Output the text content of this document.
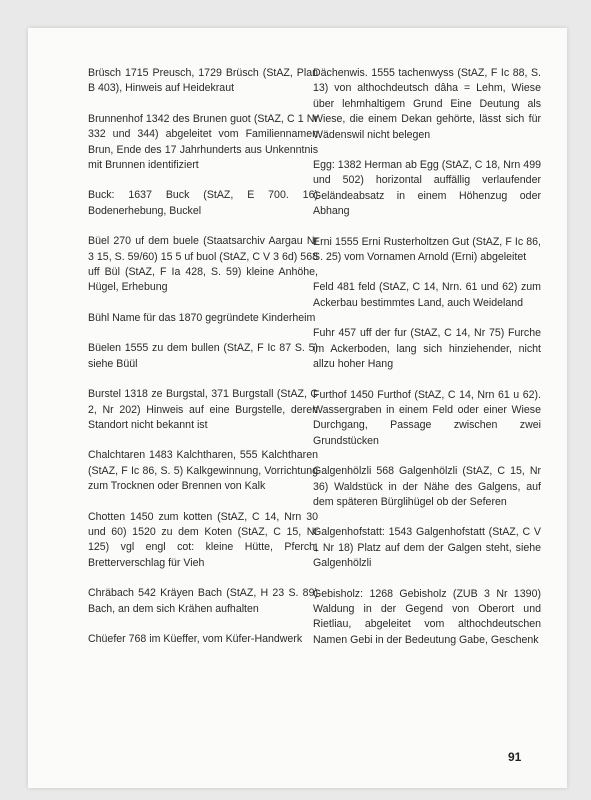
Brüsch 1715 Preusch, 1729 Brüsch (StAZ, Plan B 403), Hinweis auf Heidekraut

Brunnenhof 1342 des Brunen guot (StAZ, C 1 Nr 332 und 344) abgeleitet vom Familiennamen Brun, Ende des 17 Jahrhunderts aus Unkenntnis mit Brunnen identifiziert

Buck: 1637 Buck (StAZ, E 700. 16) Bodenerhebung, Buckel

Büel 270 uf dem buele (Staatsarchiv Aargau Nr 3 15, S. 59/60) 15 5 uf buol (StAZ, C V 3 6d) 568 uff Bül (StAZ, F Ia 428, S. 59) kleine Anhöhe, Hügel, Erhebung

Bühl Name für das 1870 gegründete Kinderheim

Büelen 1555 zu dem bullen (StAZ, F Ic 87 S. 5) siehe Büül

Burstel 1318 ze Burgstal, 371 Burgstall (StAZ, C 2, Nr 202) Hinweis auf eine Burgstelle, deren Standort nicht bekannt ist

Chalchtaren 1483 Kalchtharen, 555 Kalchtharen (StAZ, F Ic 86, S. 5) Kalkgewinnung, Vorrichtung zum Trocknen oder Brennen von Kalk

Chotten 1450 zum kotten (StAZ, C 14, Nrn 30 und 60) 1520 zu dem Koten (StAZ, C 15, Nr 125) vgl engl cot: kleine Hütte, Pferch, Bretterverschlag für Vieh

Chräbach 542 Kräyen Bach (StAZ, H 23 S. 89) Bach, an dem sich Krähen aufhalten

Chüefer 768 im Küeffer, vom Küfer-Handwerk

Dächenwis. 1555 tachenwyss (StAZ, F Ic 88, S. 13) von althochdeutsch dâha = Lehm, Wiese über lehmhaltigem Grund Eine Deutung als Wiese, die einem Dekan gehörte, lässt sich für Wädenswil nicht belegen

Egg: 1382 Herman ab Egg (StAZ, C 18, Nrn 499 und 502) horizontal auffällig verlaufender Geländeabsatz in einem Höhenzug oder Abhang

Erni 1555 Erni Rusterholtzen Gut (StAZ, F Ic 86, S. 25) vom Vornamen Arnold (Erni) abgeleitet

Feld 481 feld (StAZ, C 14, Nrn. 61 und 62) zum Ackerbau bestimmtes Land, auch Weideland

Fuhr 457 uff der fur (StAZ, C 14, Nr 75) Furche im Ackerboden, lang sich hinziehender, nicht allzu hoher Hang

Furthof 1450 Furthof (StAZ, C 14, Nrn 61 u 62). Wassergraben in einem Feld oder einer Wiese Durchgang, Passage zwischen zwei Grundstücken

Galgenhölzli 568 Galgenhölzli (StAZ, C 15, Nr 36) Waldstück in der Nähe des Galgens, auf dem späteren Bürglihügel ob der Seferen

Galgenhofstatt: 1543 Galgenhofstatt (StAZ, C V 1 Nr 18) Platz auf dem der Galgen steht, siehe Galgenhölzli

Gebisholz: 1268 Gebisholz (ZUB 3 Nr 1390) Waldung in der Gegend von Oberort und Rietliau, abgeleitet vom althochdeutschen Namen Gebi in der Bedeutung Gabe, Geschenk

91
